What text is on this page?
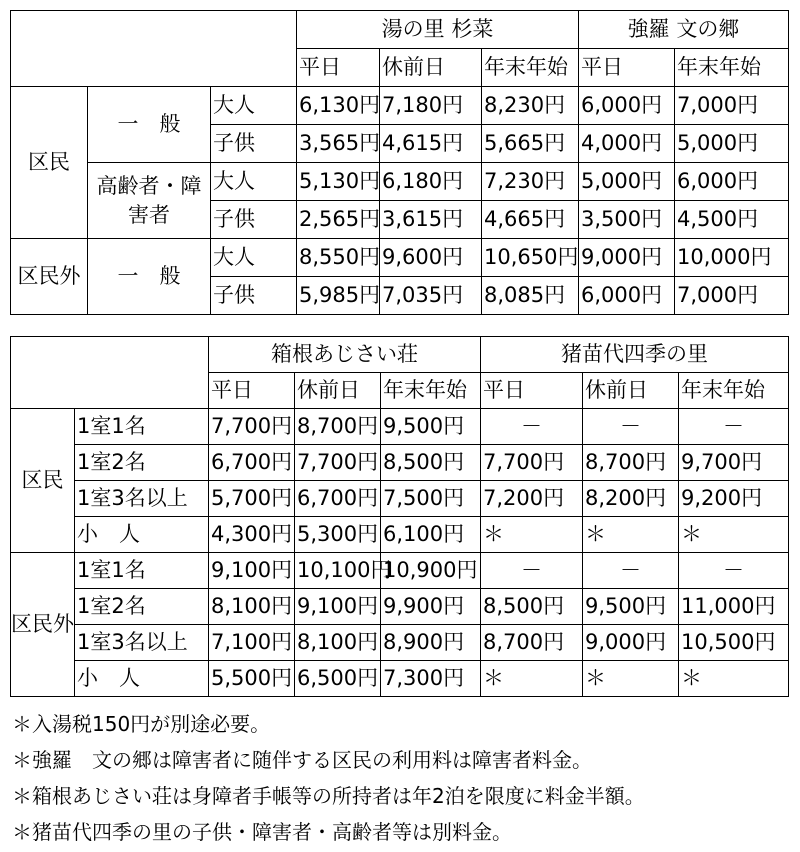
			湯の里 杉菜			強羅 文の郷	
			平日	休前日	年末年始	平日	年末年始
区民	一　般	大人	6,130円	7,180円	8,230円	6,000円	7,000円
		子供	3,565円	4,615円	5,665円	4,000円	5,000円
	高齢者・障害者	大人	5,130円	6,180円	7,230円	5,000円	6,000円
		子供	2,565円	3,615円	4,665円	3,500円	4,500円
区民外	一　般	大人	8,550円	9,600円	10,650円	9,000円	10,000円
		子供	5,985円	7,035円	8,085円	6,000円	7,000円
		箱根あじさい荘			猪苗代四季の里		
		平日	休前日	年末年始	平日	休前日	年末年始
区民	1室1名	7,700円	8,700円	9,500円	－	－	－
	1室2名	6,700円	7,700円	8,500円	7,700円	8,700円	9,700円
	1室3名以上	5,700円	6,700円	7,500円	7,200円	8,200円	9,200円
	小　人	4,300円	5,300円	6,100円	＊	＊	＊
区民外	1室1名	9,100円	10,100円	10,900円	－	－	－
	1室2名	8,100円	9,100円	9,900円	8,500円	9,500円	11,000円
	1室3名以上	7,100円	8,100円	8,900円	8,700円	9,000円	10,500円
	小　人	5,500円	6,500円	7,300円	＊	＊	＊
＊入湯税150円が別途必要。
＊強羅　文の郷は障害者に随伴する区民の利用料は障害者料金。
＊箱根あじさい荘は身障者手帳等の所持者は年2泊を限度に料金半額。
＊猪苗代四季の里の子供・障害者・高齢者等は別料金。
